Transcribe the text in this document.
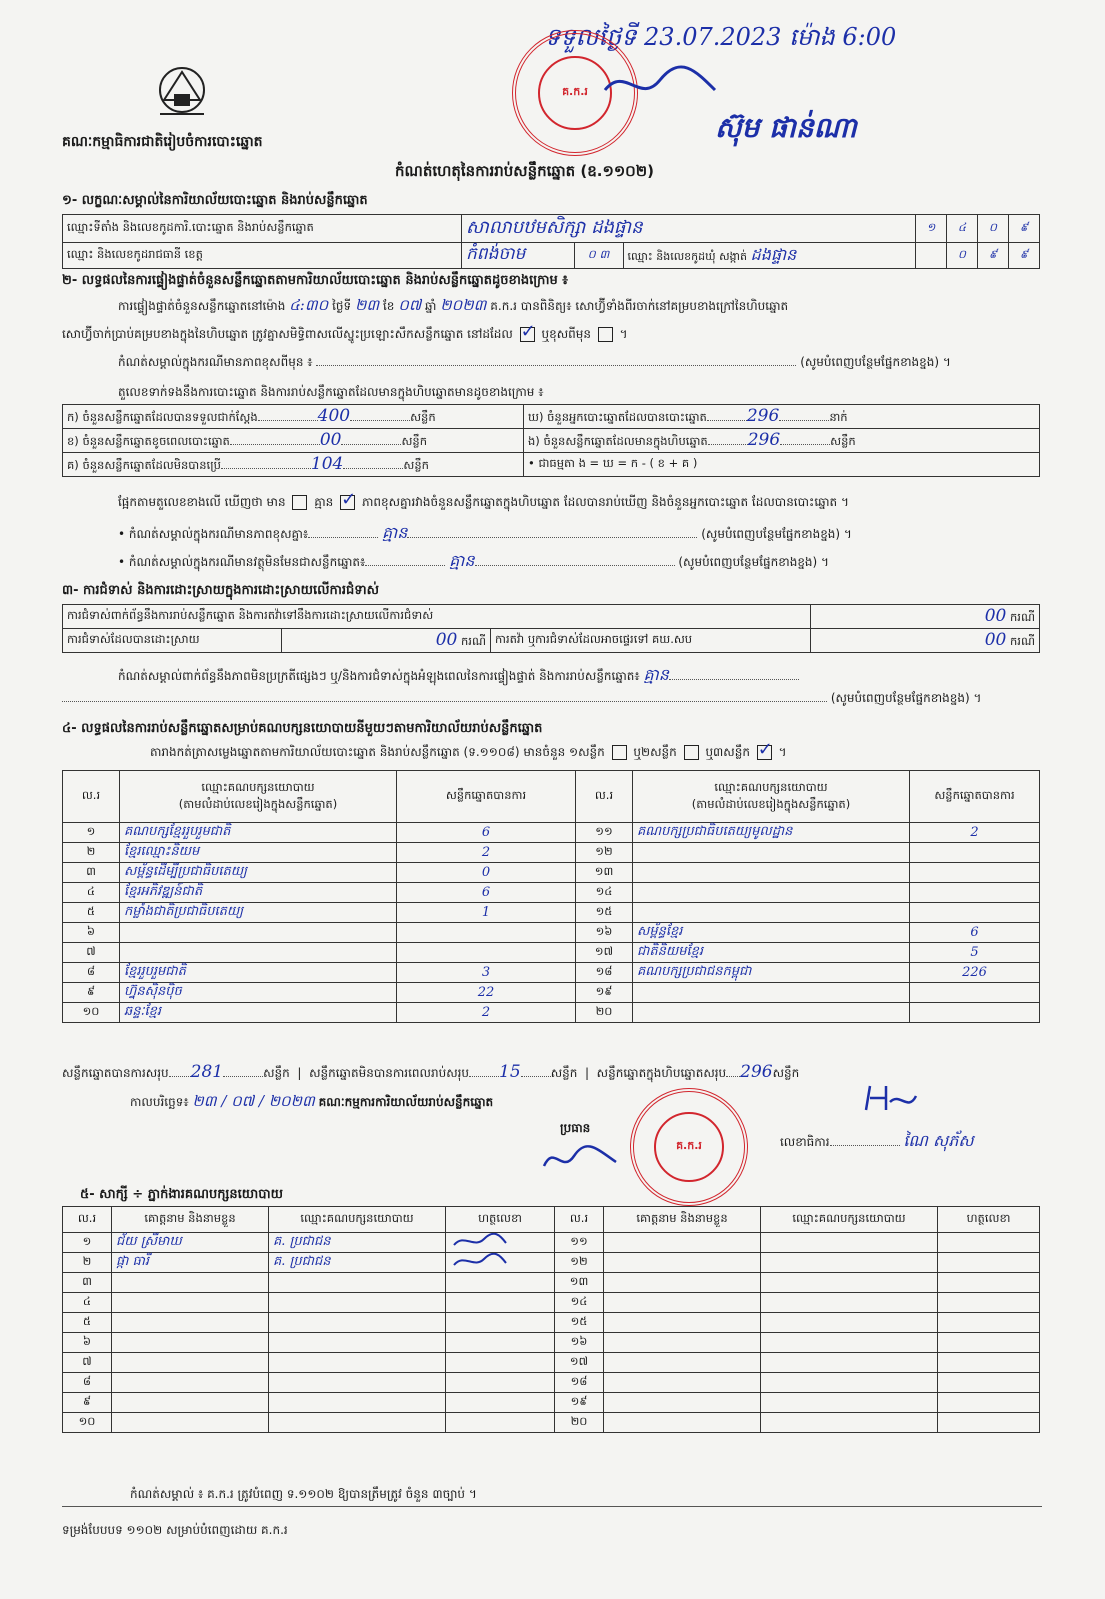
គណៈកម្មាធិការជាតិរៀបចំការបោះឆ្នោត
កំណត់ហេតុនៃការរាប់សន្លឹកឆ្នោត (ឧ.១១០២)
ទទួលថ្ងៃទី 23.07.2023 ម៉ោង 6:00
ស៊ុម ផាន់ណា
គ.ក.រ
១- លក្ខណៈសម្គាល់នៃការិយាល័យបោះឆ្នោត និងរាប់សន្លឹកឆ្នោត
ឈ្មោះទីតាំង និងលេខកូដការិ.បោះឆ្នោត និងរាប់សន្លឹកឆ្នោត	សាលាបឋមសិក្សា ដងផ្ទាន			១	៤	០	៩
ឈ្មោះ និងលេខកូដរាជធានី ខេត្ត	កំពង់ចាម	០ ៣	ឈ្មោះ និងលេខកូដឃុំ សង្កាត់ ដងផ្ទាន		០	៩	៩
២- លទ្ធផលនៃការផ្ទៀងផ្ទាត់ចំនួនសន្លឹកឆ្នោតតាមការិយាល័យបោះឆ្នោត និងរាប់សន្លឹកឆ្នោតដូចខាងក្រោម ៖
ការផ្ទៀងផ្ទាត់ចំនួនសន្លឹកឆ្នោតនៅម៉ោង ៤:៣០ ថ្ងៃទី ២៣ ខែ ០៧ ឆ្នាំ ២០២៣ គ.ក.រ បានពិនិត្យ៖ សោហ្វ៊ីទាំងពីរចាក់នៅគម្របខាងក្រៅនៃហិបឆ្នោត
សោហ្វ៊ីចាក់ប្រាប់គម្របខាងក្នុងនៃហិបឆ្នោត ត្រូវគ្នាសមិទ្ធិពាសលើស្នូះប្រឡោះសឹកសន្លឹកឆ្នោត នៅដដែល ✓ ឬខុសពីមុន  ។
កំណត់សម្គាល់ក្នុងករណីមានភាពខុសពីមុន ៖	(សូមបំពេញបន្ថែមផ្នែកខាងខ្នង) ។
តួលេខទាក់ទងនឹងការបោះឆ្នោត និងការរាប់សន្លឹកឆ្នោតដែលមានក្នុងហិបឆ្នោតមានដូចខាងក្រោម ៖
ក) ចំនួនសន្លឹកឆ្នោតដែលបានទទួលជាក់ស្តែង 400 សន្លឹក	ឃ) ចំនួនអ្នកបោះឆ្នោតដែលបានបោះឆ្នោត 296 នាក់
ខ) ចំនួនសន្លឹកឆ្នោតខូចពេលបោះឆ្នោត 00 សន្លឹក	ង) ចំនួនសន្លឹកឆ្នោតដែលមានក្នុងហិបឆ្នោត 296 សន្លឹក
គ) ចំនួនសន្លឹកឆ្នោតដែលមិនបានប្រើ 104 សន្លឹក	• ជាធម្មតា ង = ឃ = ក - ( ខ + គ )
ផ្អែកតាមតួលេខខាងលើ ឃើញថា មាន គ្មាន ✓ ភាពខុសគ្នារវាងចំនួនសន្លឹកឆ្នោតក្នុងហិបឆ្នោត ដែលបានរាប់ឃើញ និងចំនួនអ្នកបោះឆ្នោត ដែលបានបោះឆ្នោត ។
• កំណត់សម្គាល់ក្នុងករណីមានភាពខុសគ្នា៖	គ្មាន	(សូមបំពេញបន្ថែមផ្នែកខាងខ្នង) ។
• កំណត់សម្គាល់ក្នុងករណីមានវត្ថុមិនមែនជាសន្លឹកឆ្នោត៖	គ្មាន	(សូមបំពេញបន្ថែមផ្នែកខាងខ្នង) ។
៣- ការជំទាស់ និងការដោះស្រាយក្នុងការដោះស្រាយលើការជំទាស់
ការជំទាស់ពាក់ព័ន្ធនឹងការរាប់សន្លឹកឆ្នោត និងការតវ៉ាទៅនឹងការដោះស្រាយលើការជំទាស់			00 ករណី
ការជំទាស់ដែលបានដោះស្រាយ	00 ករណី	ការតវ៉ា ឬការជំទាស់ដែលអាចផ្ទេរទៅ គឃ.សប	00 ករណី
កំណត់សម្គាល់ពាក់ព័ន្ធនឹងភាពមិនប្រក្រតីផ្សេងៗ ឬ/និងការជំទាស់ក្នុងអំឡុងពេលនៃការផ្ទៀងផ្ទាត់ និងការរាប់សន្លឹកឆ្នោត៖ គ្មាន
(សូមបំពេញបន្ថែមផ្នែកខាងខ្នង) ។
៤- លទ្ធផលនៃការរាប់សន្លឹកឆ្នោតសម្រាប់គណបក្សនយោបាយនីមួយៗតាមការិយាល័យរាប់សន្លឹកឆ្នោត
តារាងកត់ត្រាសម្លេងឆ្នោតតាមការិយាល័យបោះឆ្នោត និងរាប់សន្លឹកឆ្នោត (ទ.១១០៨) មានចំនួន ១សន្លឹក ឬ២សន្លឹក ឬ៣សន្លឹក ✓ ។
ល.រ	ឈ្មោះគណបក្សនយោបាយ
(តាមលំដាប់លេខរៀងក្នុងសន្លឹកឆ្នោត)	សន្លឹកឆ្នោតបានការ	ល.រ	ឈ្មោះគណបក្សនយោបាយ
(តាមលំដាប់លេខរៀងក្នុងសន្លឹកឆ្នោត)	សន្លឹកឆ្នោតបានការ
១	គណបក្សខ្មែររួបរួមជាតិ	6	១១	គណបក្សប្រជាធិបតេយ្យមូលដ្ឋាន	2
២	ខ្មែរឈ្មោះនិយម	2	១២		
៣	សម្ព័ន្ធដើម្បីប្រជាធិបតេយ្យ	0	១៣		
៤	ខ្មែរអភិវឌ្ឍន៍ជាតិ	6	១៤		
៥	កម្លាំងជាតិប្រជាធិបតេយ្យ	1	១៥		
៦			១៦	សម្ព័ន្ធខ្មែរ	6
៧			១៧	ជាតិនិយមខ្មែរ	5
៨	ខ្មែររួបរួមជាតិ	3	១៨	គណបក្សប្រជាជនកម្ពុជា	226
៩	ហ្វ៊ុនស៊ិនប៉ិច	22	១៩		
១០	ឆន្ទៈខ្មែរ	2	២០		
សន្លឹកឆ្នោតបានការសរុប 281	សន្លឹក  |  សន្លឹកឆ្នោតមិនបានការពេលរាប់សរុប 15	សន្លឹក  |  សន្លឹកឆ្នោតក្នុងហិបឆ្នោតសរុប 296សន្លឹក
កាលបរិច្ឆេទ៖ ២៣ / ០៧ / ២០២៣ គណៈកម្មការការិយាល័យរាប់សន្លឹកឆ្នោត
ប្រធាន
គ.ក.រ	លេខាធិការ	ណៃ សុភ័ស
៥- សាក្សី ÷ ភ្នាក់ងារគណបក្សនយោបាយ
ល.រ	គោត្តនាម និងនាមខ្លួន	ឈ្មោះគណបក្សនយោបាយ	ហត្ថលេខា	ល.រ	គោត្តនាម និងនាមខ្លួន	ឈ្មោះគណបក្សនយោបាយ	ហត្ថលេខា
១	ជ័យ ស្រីមាឃ	គ. ប្រជាជន		១១			
២	ផ្កា ធារី	គ. ប្រជាជន		១២			
៣				១៣			
៤				១៤			
៥				១៥			
៦				១៦			
៧				១៧			
៨				១៨			
៩				១៩			
១០				២០			
កំណត់សម្គាល់ ៖ គ.ក.រ ត្រូវបំពេញ ទ.១១០២ ឱ្យបានត្រឹមត្រូវ ចំនួន ៣ច្បាប់ ។
ទម្រង់បែបបទ ១១០២ សម្រាប់បំពេញដោយ គ.ក.រ
